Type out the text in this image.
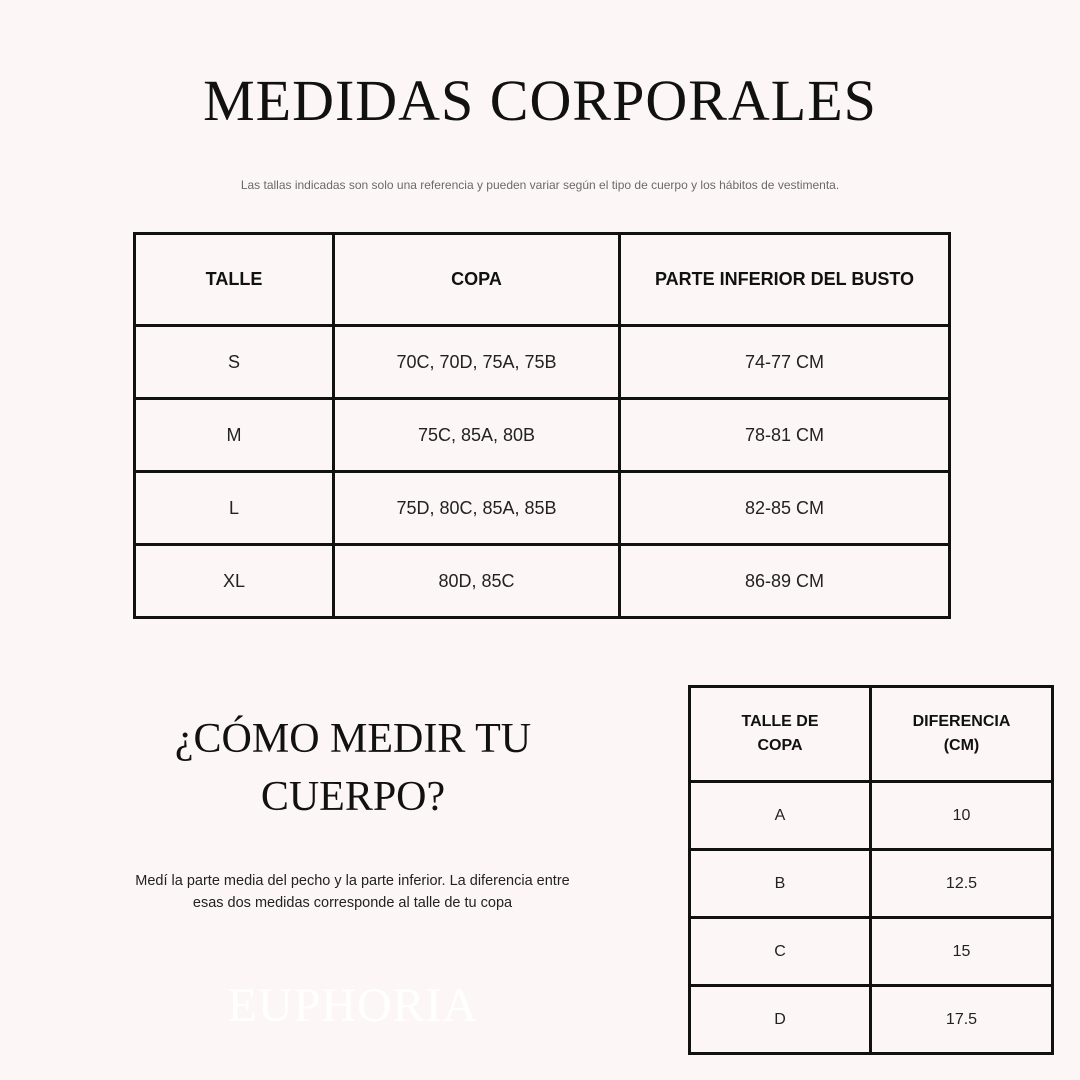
MEDIDAS CORPORALES
Las tallas indicadas son solo una referencia y pueden variar según el tipo de cuerpo y los hábitos de vestimenta.
TALLE	COPA	PARTE INFERIOR DEL BUSTO
S	70C, 70D, 75A, 75B	74-77 CM
M	75C, 85A, 80B	78-81 CM
L	75D, 80C, 85A, 85B	82-85 CM
XL	80D, 85C	86-89 CM
¿CÓMO MEDIR TU CUERPO?
Medí la parte media del pecho y la parte inferior. La diferencia entre esas dos medidas corresponde al talle de tu copa
EUPHORIA
TALLE DE COPA	DIFERENCIA (CM)
A	10
B	12.5
C	15
D	17.5
